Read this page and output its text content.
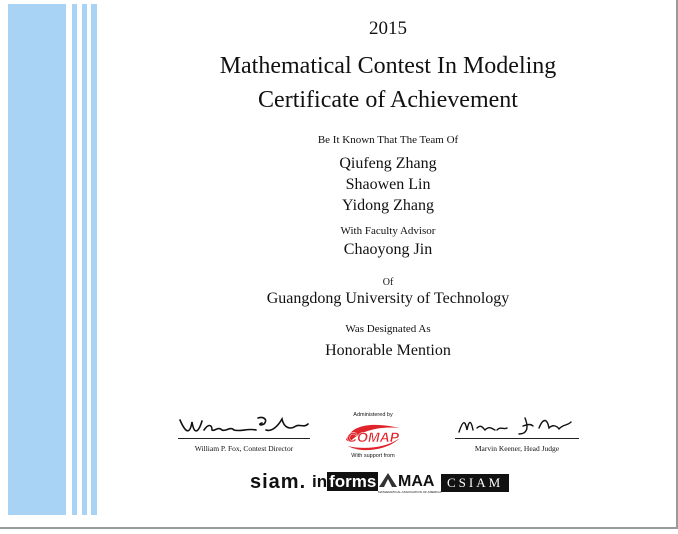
2015
Mathematical Contest In Modeling
Certificate of Achievement
Be It Known That The Team Of
Qiufeng Zhang
Shaowen Lin
Yidong Zhang
With Faculty Advisor
Chaoyong Jin
Of
Guangdong University of Technology
Was Designated As
Honorable Mention
William P. Fox, Contest Director
Administered by
COMAP
With support from
Marvin Keener, Head Judge
siam. in forms	MAA
MATHEMATICAL ASSOCIATION OF AMERICA
CSIAM
